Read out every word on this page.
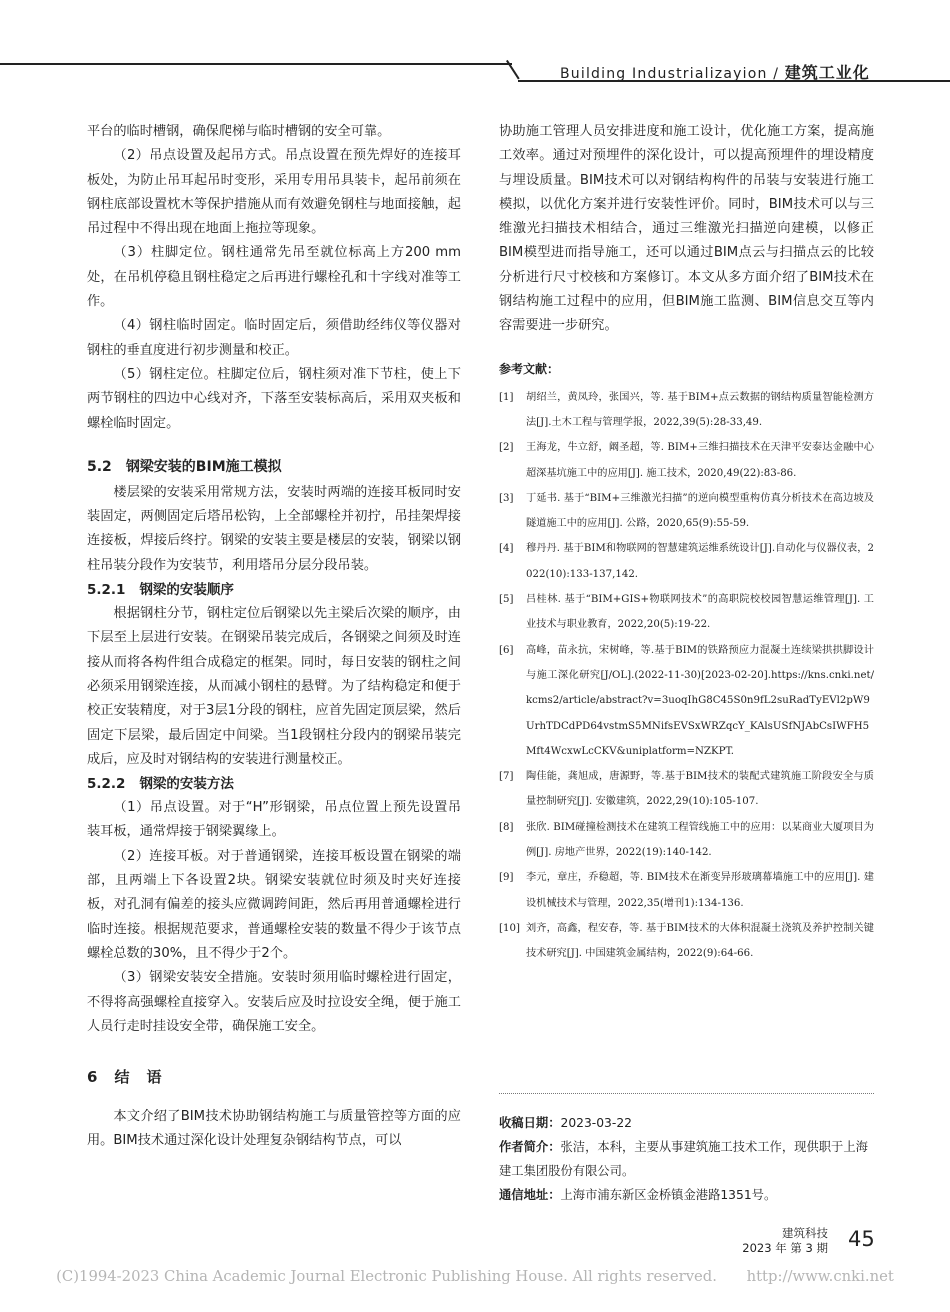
Building Industrializayion / 建筑工业化

平台的临时槽钢，确保爬梯与临时槽钢的安全可靠。

（2）吊点设置及起吊方式。吊点设置在预先焊好的连接耳板处，为防止吊耳起吊时变形，采用专用吊具装卡，起吊前须在钢柱底部设置枕木等保护措施从而有效避免钢柱与地面接触，起吊过程中不得出现在地面上拖拉等现象。

（3）柱脚定位。钢柱通常先吊至就位标高上方200 mm处，在吊机停稳且钢柱稳定之后再进行螺栓孔和十字线对准等工作。

（4）钢柱临时固定。临时固定后，须借助经纬仪等仪器对钢柱的垂直度进行初步测量和校正。

（5）钢柱定位。柱脚定位后，钢柱须对准下节柱，使上下两节钢柱的四边中心线对齐，下落至安装标高后，采用双夹板和螺栓临时固定。

5.2 钢梁安装的BIM施工模拟

楼层梁的安装采用常规方法，安装时两端的连接耳板同时安装固定，两侧固定后塔吊松钩，上全部螺栓并初拧，吊挂架焊接连接板，焊接后终拧。钢梁的安装主要是楼层的安装，钢梁以钢柱吊装分段作为安装节，利用塔吊分层分段吊装。

5.2.1 钢梁的安装顺序

根据钢柱分节，钢柱定位后钢梁以先主梁后次梁的顺序，由下层至上层进行安装。在钢梁吊装完成后，各钢梁之间须及时连接从而将各构件组合成稳定的框架。同时，每日安装的钢柱之间必须采用钢梁连接，从而减小钢柱的悬臂。为了结构稳定和便于校正安装精度，对于3层1分段的钢柱，应首先固定顶层梁，然后固定下层梁，最后固定中间梁。当1段钢柱分段内的钢梁吊装完成后，应及时对钢结构的安装进行测量校正。

5.2.2 钢梁的安装方法

（1）吊点设置。对于“H”形钢梁，吊点位置上预先设置吊装耳板，通常焊接于钢梁翼缘上。

（2）连接耳板。对于普通钢梁，连接耳板设置在钢梁的端部，且两端上下各设置2块。钢梁安装就位时须及时夹好连接板，对孔洞有偏差的接头应微调跨间距，然后再用普通螺栓进行临时连接。根据规范要求，普通螺栓安装的数量不得少于该节点螺栓总数的30%，且不得少于2个。

（3）钢梁安装安全措施。安装时须用临时螺栓进行固定，不得将高强螺栓直接穿入。安装后应及时拉设安全绳，便于施工人员行走时挂设安全带，确保施工安全。

6 结　语

本文介绍了BIM技术协助钢结构施工与质量管控等方面的应用。BIM技术通过深化设计处理复杂钢结构节点，可以

协助施工管理人员安排进度和施工设计，优化施工方案，提高施工效率。通过对预埋件的深化设计，可以提高预埋件的埋设精度与埋设质量。BIM技术可以对钢结构构件的吊装与安装进行施工模拟，以优化方案并进行安装性评价。同时，BIM技术可以与三维激光扫描技术相结合，通过三维激光扫描逆向建模，以修正BIM模型进而指导施工，还可以通过BIM点云与扫描点云的比较分析进行尺寸校核和方案修订。本文从多方面介绍了BIM技术在钢结构施工过程中的应用，但BIM施工监测、BIM信息交互等内容需要进一步研究。

参考文献：
[1]	胡绍兰，黄凤玲，张国兴，等. 基于BIM+点云数据的钢结构质量智能检测方法[J].土木工程与管理学报，2022,39(5):28-33,49.
[2]	王海龙，牛立舒，阚圣超，等. BIM+三维扫描技术在天津平安泰达金融中心超深基坑施工中的应用[J]. 施工技术，2020,49(22):83-86.
[3]	丁延书. 基于“BIM+三维激光扫描”的逆向模型重构仿真分析技术在高边坡及隧道施工中的应用[J]. 公路，2020,65(9):55-59.
[4]	穆丹丹. 基于BIM和物联网的智慧建筑运维系统设计[J].自动化与仪器仪表，2022(10):133-137,142.
[5]	吕桂林. 基于“BIM+GIS+物联网技术”的高职院校校园智慧运维管理[J]. 工业技术与职业教育，2022,20(5):19-22.
[6]	高峰，苗永抗，宋树峰，等.基于BIM的铁路预应力混凝土连续梁拱拱脚设计与施工深化研究[J/OL].(2022-11-30)[2023-02-20].https://kns.cnki.net/kcms2/article/abstract?v=3uoqIhG8C45S0n9fL2suRadTyEVl2pW9UrhTDCdPD64vstmS5MNifsEVSxWRZqcY_KAlsUSfNJAbCsIWFH5Mft4WcxwLcCKV&uniplatform=NZKPT.
[7]	陶佳能，龚旭成，唐源野，等.基于BIM技术的装配式建筑施工阶段安全与质量控制研究[J]. 安徽建筑，2022,29(10):105-107.
[8]	张欣. BIM碰撞检测技术在建筑工程管线施工中的应用：以某商业大厦项目为例[J]. 房地产世界，2022(19):140-142.
[9]	李元，章庄，乔稳超，等. BIM技术在渐变异形玻璃幕墙施工中的应用[J]. 建设机械技术与管理，2022,35(增刊1):134-136.
[10] 刘齐，高鑫，程安春，等. 基于BIM技术的大体积混凝土浇筑及养护控制关键技术研究[J]. 中国建筑金属结构，2022(9):64-66.
收稿日期：2023-03-22
作者简介：张洁，本科，主要从事建筑施工技术工作，现供职于上海建工集团股份有限公司。
通信地址：上海市浦东新区金桥镇金港路1351号。
建筑科技
2023 年 第 3 期 45
(C)1994-2023 China Academic Journal Electronic Publishing House. All rights reserved.　　http://www.cnki.net
